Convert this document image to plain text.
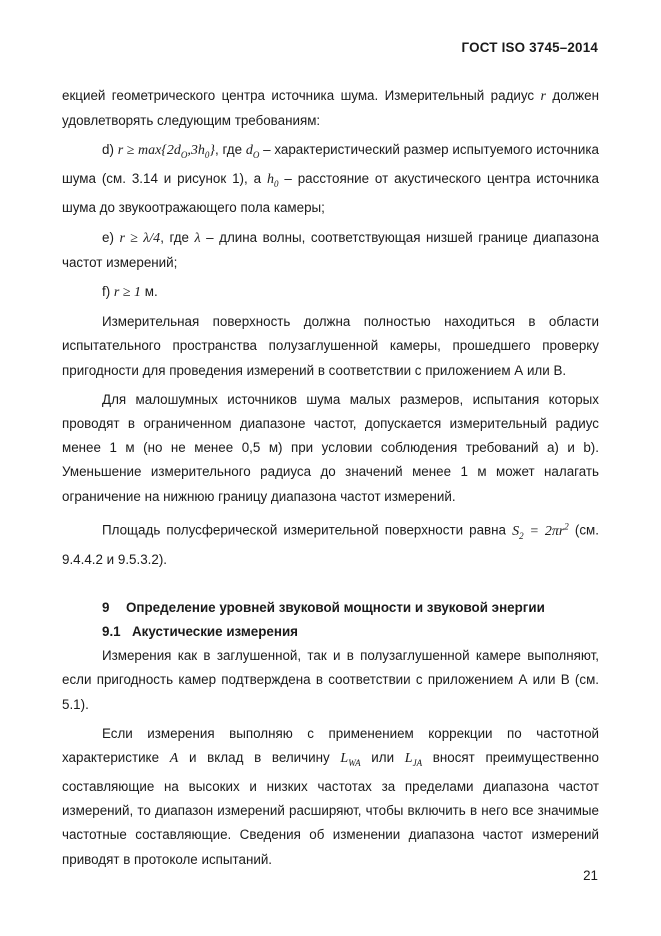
ГОСТ ISO 3745–2014

екцией геометрического центра источника шума. Измерительный радиус r должен удовлетворять следующим требованиям:

d) $r \ge \max\{2d_O,3h_0\}$, где $d_O$ – характеристический размер испытуемого источника шума (см. 3.14 и рисунок 1), а $h_0$ – расстояние от акустического центра источника шума до звукоотражающего пола камеры;

e) r ≥ λ/4, где λ – длина волны, соответствующая низшей границе диапазона частот измерений;

f) r ≥ 1 м.

Измерительная поверхность должна полностью находиться в области испытательного пространства полузаглушенной камеры, прошедшего проверку пригодности для проведения измерений в соответствии с приложением А или В.

Для малошумных источников шума малых размеров, испытания которых проводят в ограниченном диапазоне частот, допускается измерительный радиус менее 1 м (но не менее 0,5 м) при условии соблюдения требований a) и b). Уменьшение измерительного радиуса до значений менее 1 м может налагать ограничение на нижнюю границу диапазона частот измерений.

Площадь полусферической измерительной поверхности равна $S_2 = 2\pi r^2$ (см. 9.4.4.2 и 9.5.3.2).

9 Определение уровней звуковой мощности и звуковой энергии

9.1 Акустические измерения

Измерения как в заглушенной, так и в полузаглушенной камере выполняют, если пригодность камер подтверждена в соответствии с приложением А или В (см. 5.1).

Если измерения выполняю с применением коррекции по частотной характеристике A и вклад в величину $L_{WA}$ или $L_{JA}$ вносят преимущественно составляющие на высоких и низких частотах за пределами диапазона частот измерений, то диапазон измерений расширяют, чтобы включить в него все значимые частотные составляющие. Сведения об изменении диапазона частот измерений приводят в протоколе испытаний.

21
